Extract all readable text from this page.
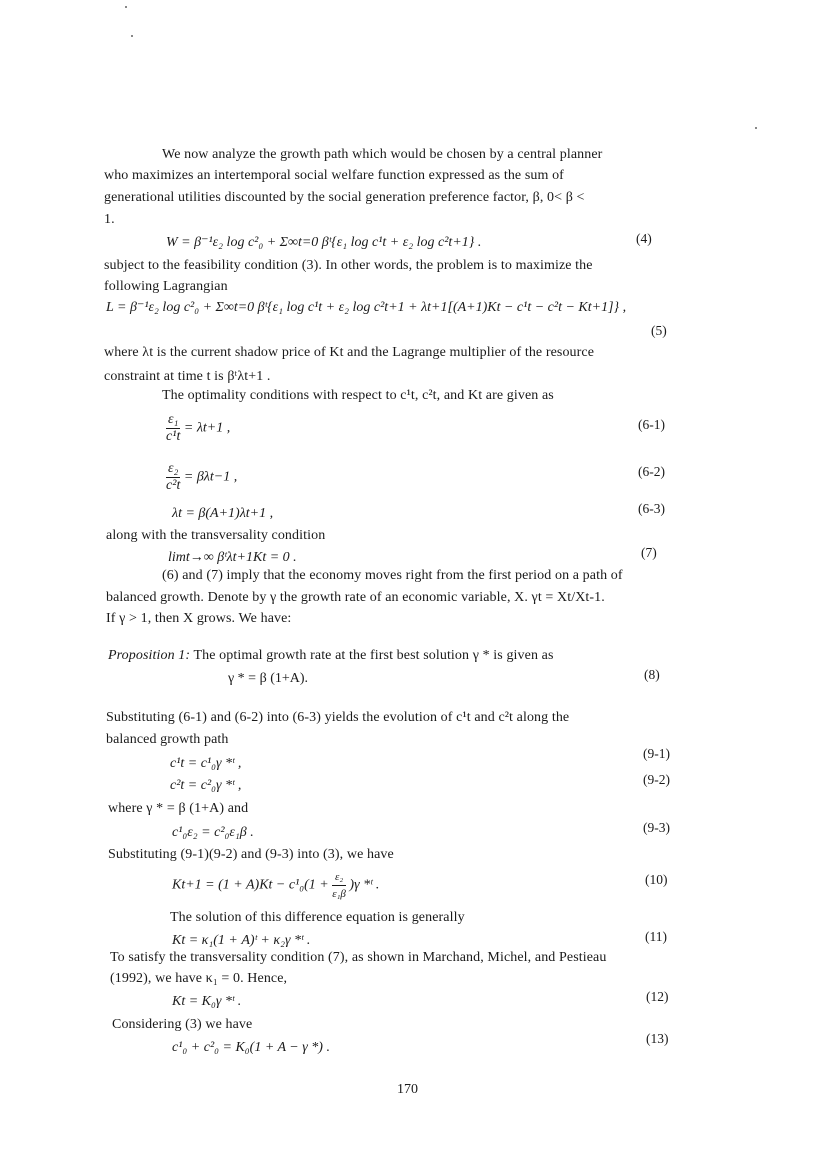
We now analyze the growth path which would be chosen by a central planner
who maximizes an intertemporal social welfare function expressed as the sum of
generational utilities discounted by the social generation preference factor, β, 0< β <
1.
W = β⁻¹ε₂ log c²₀ + Σ∞t=0 βᵗ{ε₁ log c¹t + ε₂ log c²t+1} .	(4)
subject to the feasibility condition (3). In other words, the problem is to maximize the
following Lagrangian
L = β⁻¹ε₂ log c²₀ + Σ∞t=0 βᵗ{ε₁ log c¹t + ε₂ log c²t+1 + λt+1[(A+1)Kt − c¹t − c²t − Kt+1]} ,
(5)
where λt is the current shadow price of Kt and the Lagrange multiplier of the resource
constraint at time t is βᵗλt+1 .
The optimality conditions with respect to c¹t, c²t, and Kt are given as
$\frac{\text{ε₁}}{\text{c¹t}} = \lambda t+1$ ,	(6-1)
$\frac{\text{ε₂}}{\text{c²t}} = \beta\lambda t-1$ ,	(6-2)
λt = β(A+1)λt+1 ,	(6-3)
along with the transversality condition
limt→∞ βᵗλt+1Kt = 0 .	(7)
(6) and (7) imply that the economy moves right from the first period on a path of
balanced growth. Denote by γ the growth rate of an economic variable, X. γt = Xt/Xt-1.
If γ > 1, then X grows. We have:
Proposition 1: The optimal growth rate at the first best solution γ * is given as
γ * = β (1+A).	(8)
Substituting (6-1) and (6-2) into (6-3) yields the evolution of c¹t and c²t along the
balanced growth path
c¹t = c¹₀γ *ᵗ ,
(9-1)
c²t = c²₀γ *ᵗ ,	(9-2)
where γ * = β (1+A) and
c¹₀ε₂ = c²₀ε₁β .	(9-3)
Substituting (9-1)(9-2) and (9-3) into (3), we have
$Kt+1 = (1 + A)Kt - c^1_0(1 + \frac{\text{ε₂}}{\text{ε₁β}} )\gamma$ *ᵗ .	(10)
The solution of this difference equation is generally
Kt = κ₁(1 + A)ᵗ + κ₂γ *ᵗ .	(11)
To satisfy the transversality condition (7), as shown in Marchand, Michel, and Pestieau
(1992), we have κ₁ = 0. Hence,
Kt = K₀γ *ᵗ .	(12)
Considering (3) we have
c¹₀ + c²₀ = K₀(1 + A − γ *) .
(13)
170
